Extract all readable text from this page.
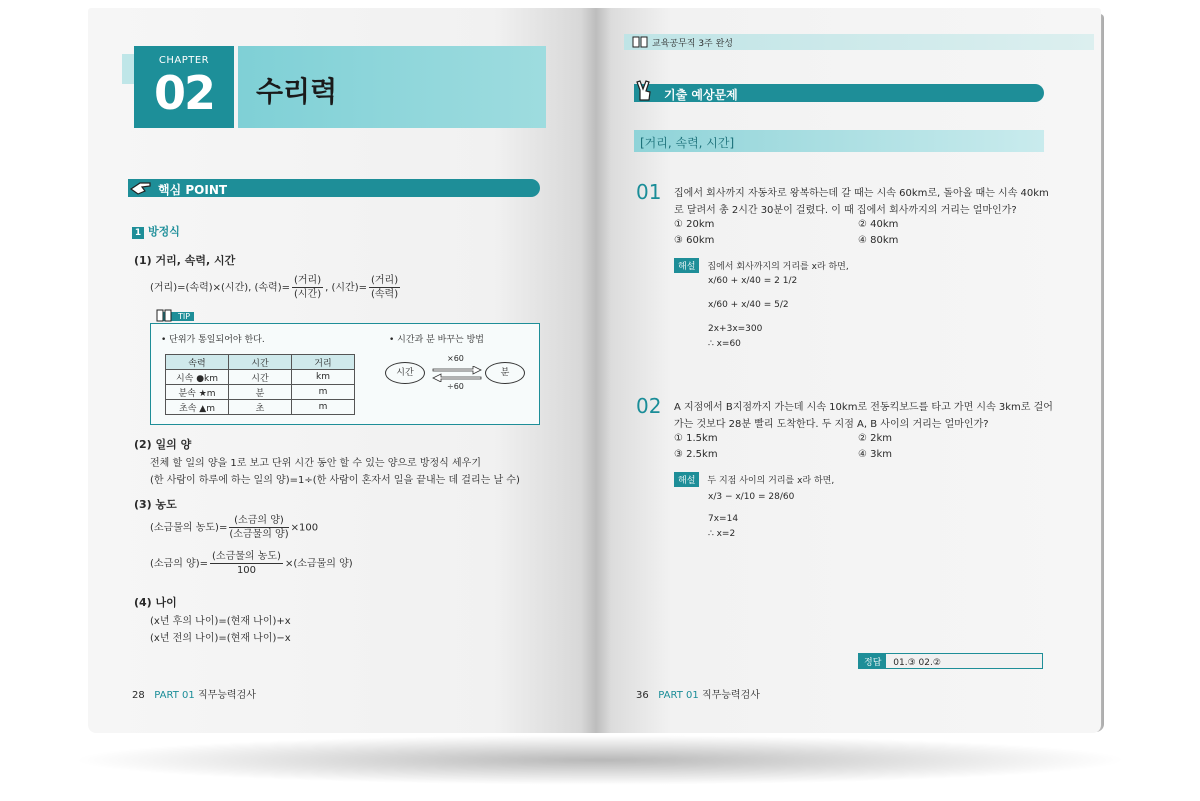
CHAPTER
02	수리력
핵심 POINT
1 방정식
(1) 거리, 속력, 시간
(거리)=(속력)×(시간), (속력)= $\frac{\text{(거리)}}{\text{(시간)}}$ , (시간)= $\frac{\text{(거리)}}{\text{(속력)}}$
TIP
• 단위가 통일되어야 한다.
속력	시간	거리
시속 ●km	시간	km
분속 ★m	분	m
초속 ▲m	초	m
• 시간과 분 바꾸는 방법
시간	분
×60
÷60
(2) 일의 양
전체 할 일의 양을 1로 보고 단위 시간 동안 할 수 있는 양으로 방정식 세우기
(한 사람이 하루에 하는 일의 양)=1÷(한 사람이 혼자서 일을 끝내는 데 걸리는 날 수)
(3) 농도
(소금물의 농도)= $\frac{\text{(소금의 양)}}{\text{(소금물의 양)}} \times 100$
(소금의 양)= $\frac{\text{(소금물의 농도)}}{100}$ ×(소금물의 양)
(4) 나이
(x년 후의 나이)=(현재 나이)+x
(x년 전의 나이)=(현재 나이)−x
28 PART 01 직무능력검사
교육공무직 3주 완성
기출 예상문제
[거리, 속력, 시간]
01 집에서 회사까지 자동차로 왕복하는데 갈 때는 시속 60km로, 돌아올 때는 시속 40km
로 달려서 총 2시간 30분이 걸렸다. 이 때 집에서 회사까지의 거리는 얼마인가?
① 20km	② 40km
③ 60km	④ 80km
해설 집에서 회사까지의 거리를 x라 하면,
x/60 + x/40 = 2 1/2
x/60 + x/40 = 5/2
2x+3x=300
∴ x=60
02 A 지점에서 B지점까지 가는데 시속 10km로 전동킥보드를 타고 가면 시속 3km로 걸어
가는 것보다 28분 빨리 도착한다. 두 지점 A, B 사이의 거리는 얼마인가?
① 1.5km	② 2km
③ 2.5km	④ 3km
해설 두 지점 사이의 거리를 x라 하면,
x/3 − x/10 = 28/60
7x=14
∴ x=2
정답 01.③ 02.②
36 PART 01 직무능력검사
